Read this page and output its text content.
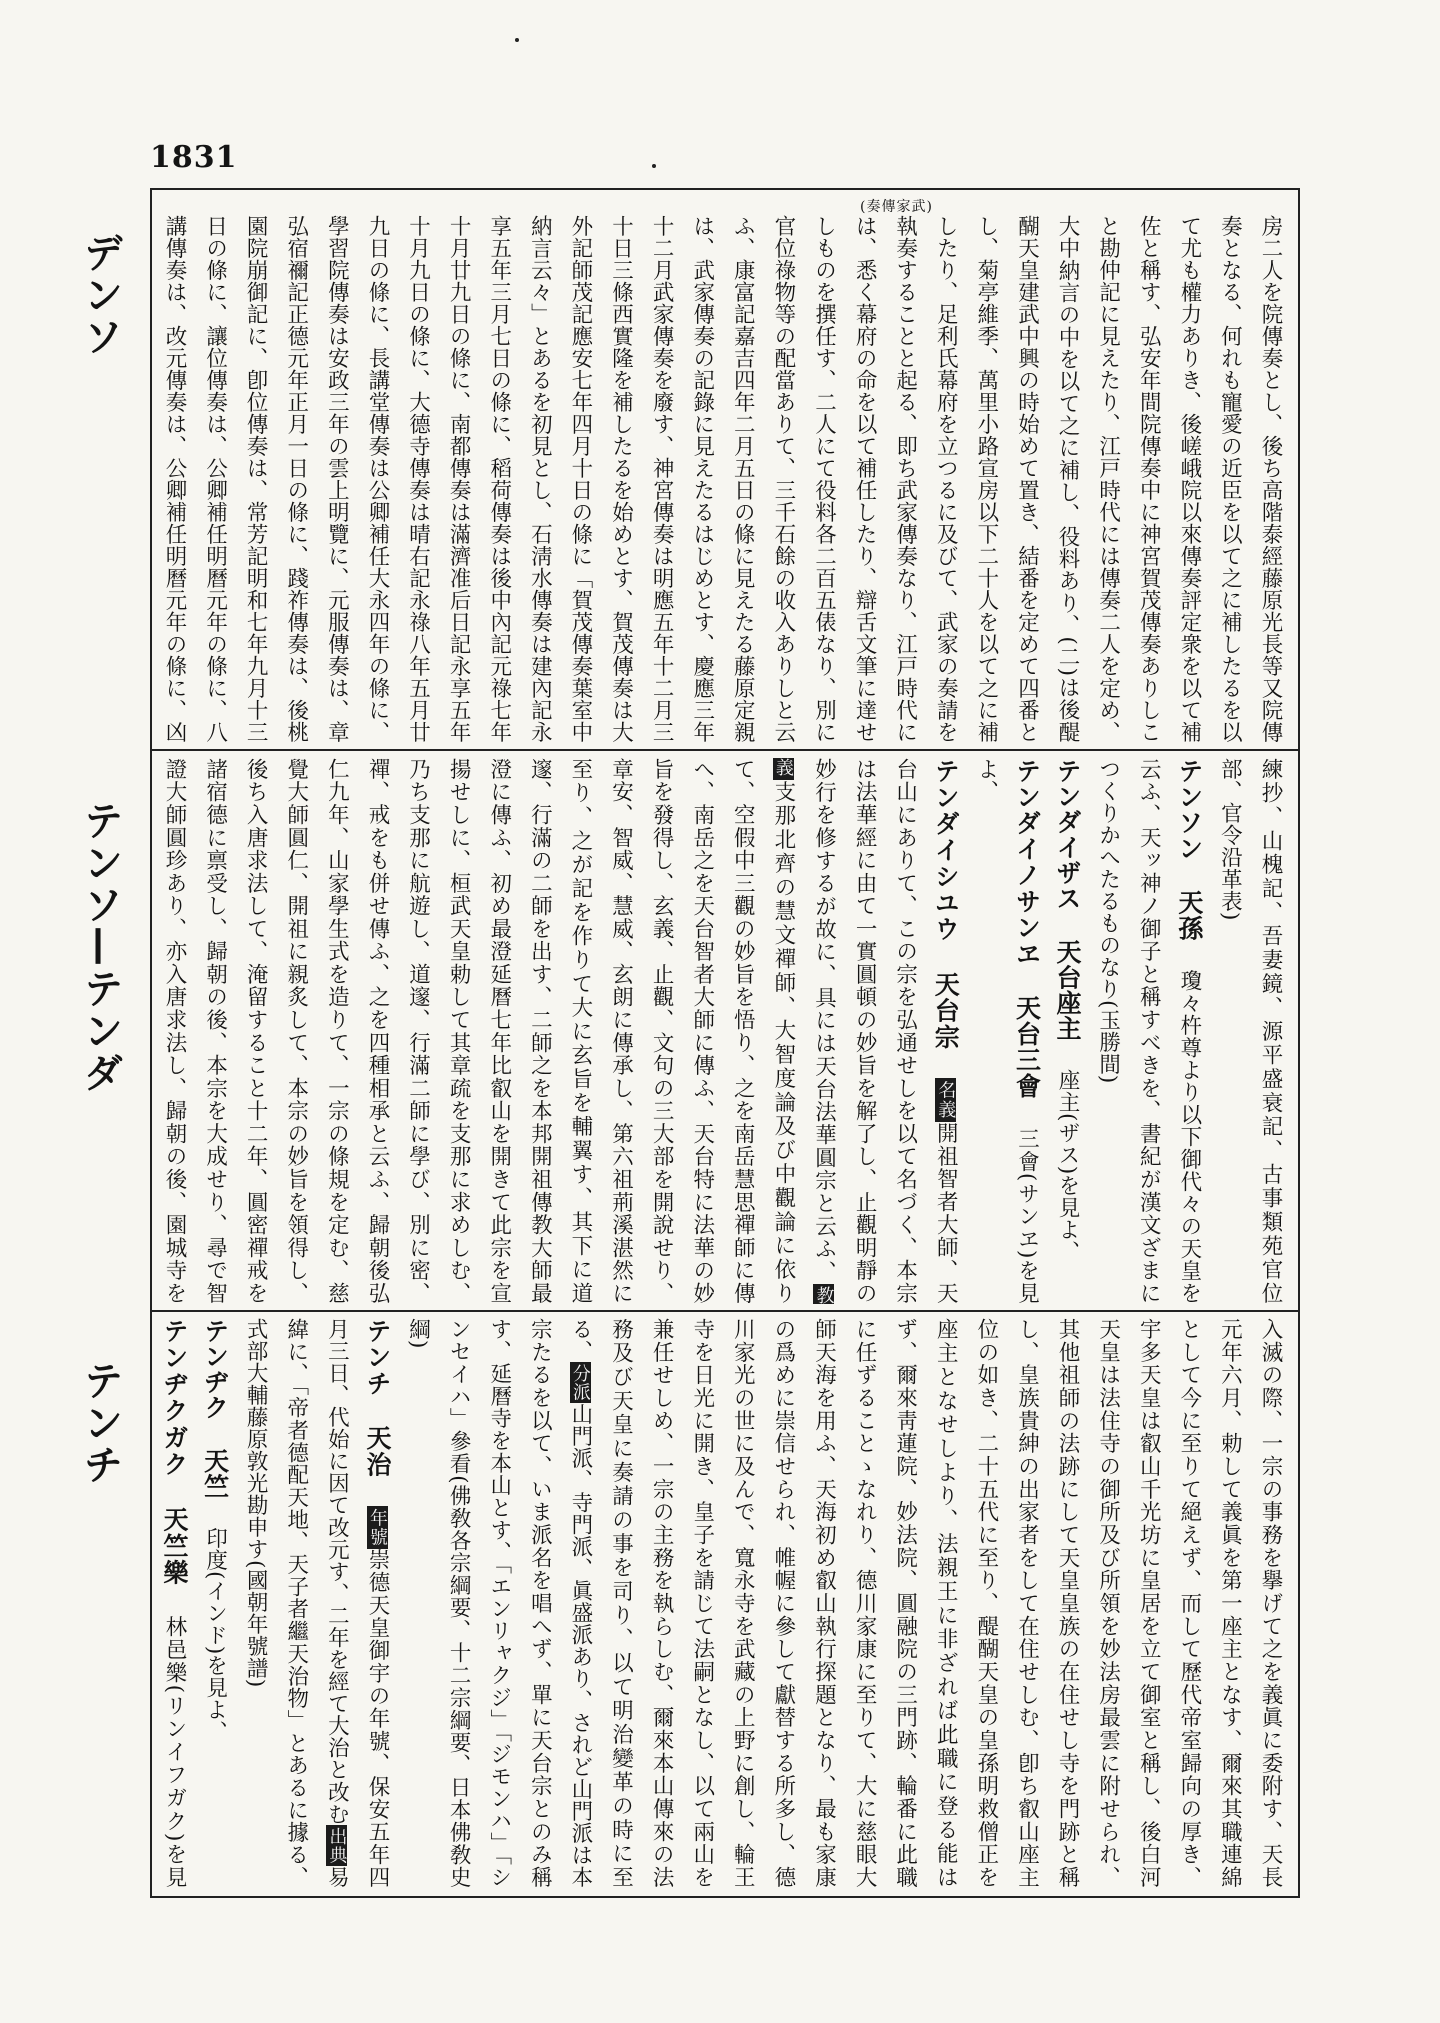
1831
デンソ
テンソ—テンダ
テンチ
(奏傳家武)
房二人を院傳奏とし、後ち高階泰經藤原光長等又院傳奏となる、何れも寵愛の近臣を以て之に補したるを以て尤も權力ありき、後嵯峨院以來傳奏評定衆を以て補佐と稱す、弘安年間院傳奏中に神宮賀茂傳奏ありしこと勘仲記に見えたり、江戸時代には傳奏二人を定め、大中納言の中を以て之に補し、役料あり、(二)は後醍醐天皇建武中興の時始めて置き、結番を定めて四番とし、菊亭維季、萬里小路宣房以下二十人を以て之に補したり、足利氏幕府を立つるに及びて、武家の奏請を執奏することと起る、即ち武家傳奏なり、江戸時代には、悉く幕府の命を以て補任したり、辯舌文筆に達せしものを撰任す、二人にて役料各二百五俵なり、別に官位祿物等の配當ありて、三千石餘の收入ありしと云ふ、康富記嘉吉四年二月五日の條に見えたる藤原定親は、武家傳奏の記錄に見えたるはじめとす、慶應三年十二月武家傳奏を廢す、神宮傳奏は明應五年十二月三十日三條西實隆を補したるを始めとす、賀茂傳奏は大外記師茂記應安七年四月十日の條に「賀茂傳奏葉室中納言云々」とあるを初見とし、石淸水傳奏は建內記永享五年三月七日の條に、稻荷傳奏は後中內記元祿七年十月廿九日の條に、南都傳奏は滿濟准后日記永享五年十月九日の條に、大德寺傳奏は晴右記永祿八年五月廿九日の條に、長講堂傳奏は公卿補任大永四年の條に、學習院傳奏は安政三年の雲上明覽に、元服傳奏は、章弘宿禰記正德元年正月一日の條に、踐祚傳奏は、後桃園院崩御記に、卽位傳奏は、常芳記明和七年九月十三日の條に、讓位傳奏は、公卿補任明曆元年の條に、八講傳奏は、改元傳奏は、公卿補任明曆元年の條に、凶
練抄、山槐記、吾妻鏡、源平盛衰記、古事類苑官位部、官令沿革表)
テンソン天孫瓊々杵尊より以下御代々の天皇を云ふ、天ッ神ノ御子と稱すべきを、書紀が漢文ざまにつくりかへたるものなり(玉勝間)
テンダイザス天台座主座主(ザス)を見よ、
テンダイノサンヱ天台三會三會(サンヱ)を見よ、
テンダイシユウ天台宗名義開祖智者大師、天台山にありて、この宗を弘通せしを以て名づく、本宗は法華經に由て一實圓頓の妙旨を解了し、止觀明靜の妙行を修するが故に、具には天台法華圓宗と云ふ、教義支那北齊の慧文禪師、大智度論及び中觀論に依りて、空假中三觀の妙旨を悟り、之を南岳慧思禪師に傳へ、南岳之を天台智者大師に傳ふ、天台特に法華の妙旨を發得し、玄義、止觀、文句の三大部を開說せり、章安、智威、慧威、玄朗に傳承し、第六祖荊溪湛然に至り、之が記を作りて大に玄旨を輔翼す、其下に道邃、行滿の二師を出す、二師之を本邦開祖傳教大師最澄に傳ふ、初め最澄延曆七年比叡山を開きて此宗を宣揚せしに、桓武天皇勅して其章疏を支那に求めしむ、乃ち支那に航遊し、道邃、行滿二師に學び、別に密、禪、戒をも併せ傳ふ、之を四種相承と云ふ、歸朝後弘仁九年、山家學生式を造りて、一宗の條規を定む、慈覺大師圓仁、開祖に親炙して、本宗の妙旨を領得し、後ち入唐求法して、淹留すること十二年、圓密禪戒を諸宿德に禀受し、歸朝の後、本宗を大成せり、尋で智證大師圓珍あり、亦入唐求法し、歸朝の後、園城寺を
入滅の際、一宗の事務を擧げて之を義眞に委附す、天長元年六月、勅して義眞を第一座主となす、爾來其職連綿として今に至りて絕えず、而して歷代帝室歸向の厚き、宇多天皇は叡山千光坊に皇居を立て御室と稱し、後白河天皇は法住寺の御所及び所領を妙法房最雲に附せられ、其他祖師の法跡にして天皇皇族の在住せし寺を門跡と稱し、皇族貴紳の出家者をして在住せしむ、卽ち叡山座主位の如き、二十五代に至り、醍醐天皇の皇孫明救僧正を座主となせしより、法親王に非ざれば此職に登る能はず、爾來靑蓮院、妙法院、圓融院の三門跡、輪番に此職に任ずることゝなれり、德川家康に至りて、大に慈眼大師天海を用ふ、天海初め叡山執行探題となり、最も家康の爲めに崇信せられ、帷幄に參して獻替する所多し、德川家光の世に及んで、寬永寺を武藏の上野に創し、輪王寺を日光に開き、皇子を請じて法嗣となし、以て兩山を兼任せしめ、一宗の主務を執らしむ、爾來本山傳來の法務及び天皇に奏請の事を司り、以て明治變革の時に至る、分派山門派、寺門派、眞盛派あり、されど山門派は本宗たるを以て、いま派名を唱へず、單に天台宗とのみ稱す、延曆寺を本山とす、「エンリャクジ」「ジモンハ」「シンセイハ」參看(佛敎各宗綱要、十二宗綱要、日本佛敎史綱)
テンチ天治年號崇德天皇御宇の年號、保安五年四月三日、代始に因て改元す、二年を經て大治と改む出典易緯に、「帝者德配天地、天子者繼天治物」とあるに據る、式部大輔藤原敦光勘申す(國朝年號譜)
テンヂク天竺印度(インド)を見よ、
テンヂクガク天竺樂林邑樂(リンイフガク)を見
